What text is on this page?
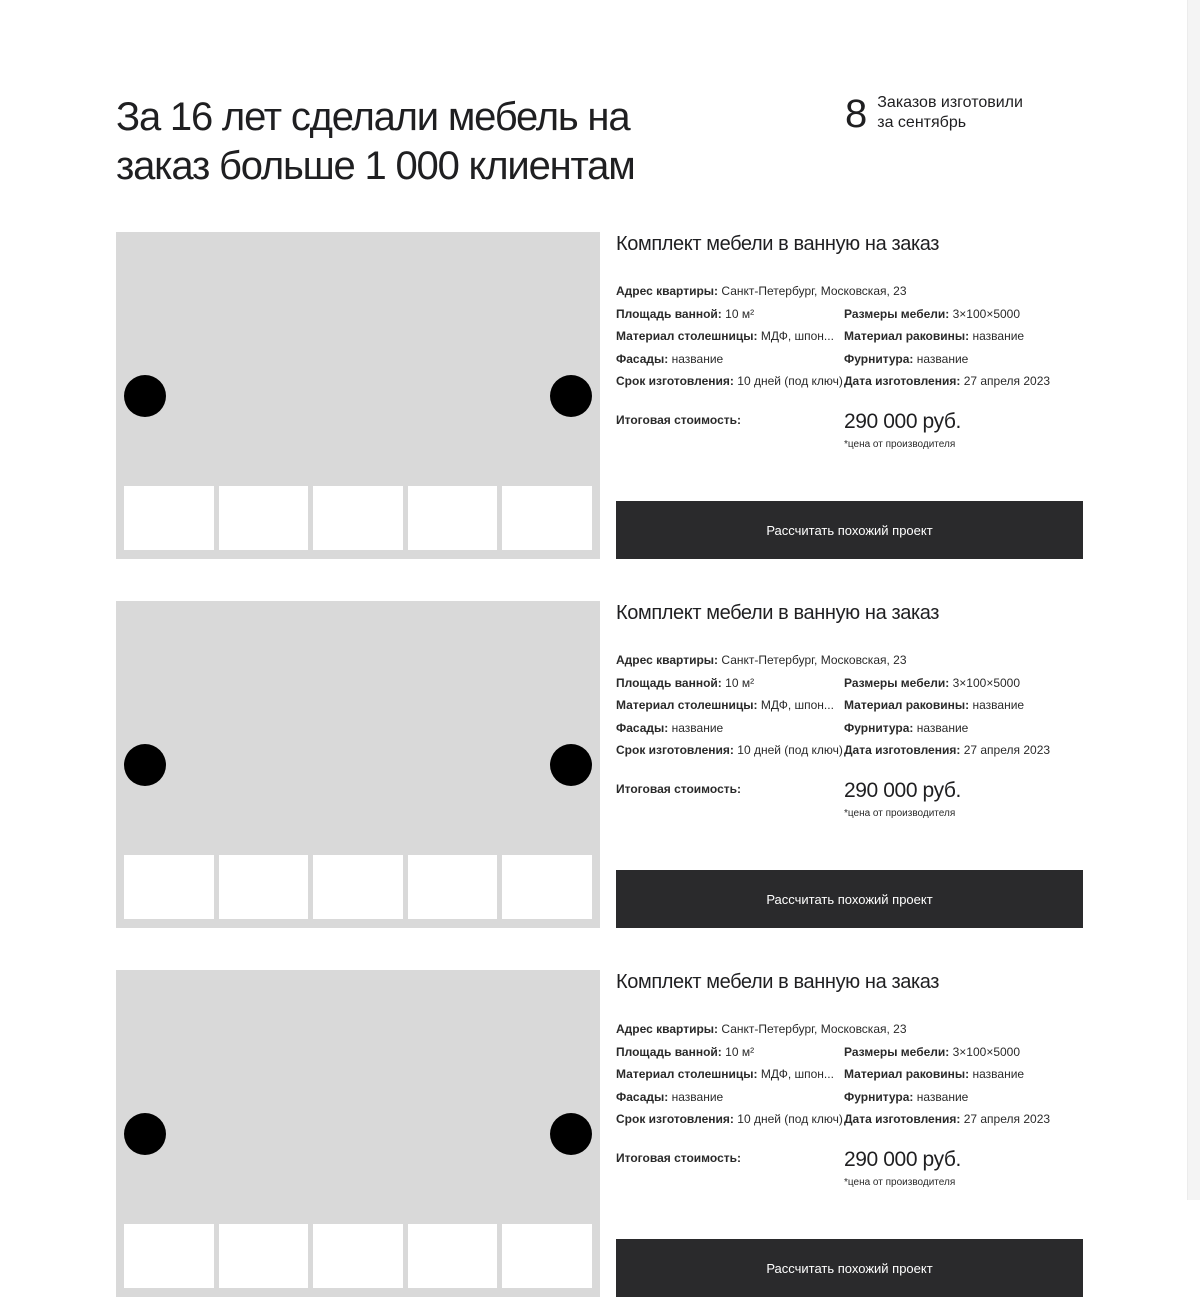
За 16 лет сделали мебель на
заказ больше 1 000 клиентам
8 Заказов изготовили
за сентябрь
Комплект мебели в ванную на заказ
Адрес квартиры: Санкт-Петербург, Московская, 23
Площадь ванной: 10 м²	Размеры мебели: 3×100×5000
Материал столешницы: МДФ, шпон... Материал раковины: название
Фасады: название	Фурнитура: название
Срок изготовления: 10 дней (под ключ) Дата изготовления: 27 апреля 2023
Итоговая стоимость:	290 000 руб.
*цена от производителя
Рассчитать похожий проект
Комплект мебели в ванную на заказ
Адрес квартиры: Санкт-Петербург, Московская, 23
Площадь ванной: 10 м²	Размеры мебели: 3×100×5000
Материал столешницы: МДФ, шпон... Материал раковины: название
Фасады: название	Фурнитура: название
Срок изготовления: 10 дней (под ключ) Дата изготовления: 27 апреля 2023
Итоговая стоимость:	290 000 руб.
*цена от производителя
Рассчитать похожий проект
Комплект мебели в ванную на заказ
Адрес квартиры: Санкт-Петербург, Московская, 23
Площадь ванной: 10 м²	Размеры мебели: 3×100×5000
Материал столешницы: МДФ, шпон... Материал раковины: название
Фасады: название	Фурнитура: название
Срок изготовления: 10 дней (под ключ) Дата изготовления: 27 апреля 2023
Итоговая стоимость:	290 000 руб.
*цена от производителя
Рассчитать похожий проект
